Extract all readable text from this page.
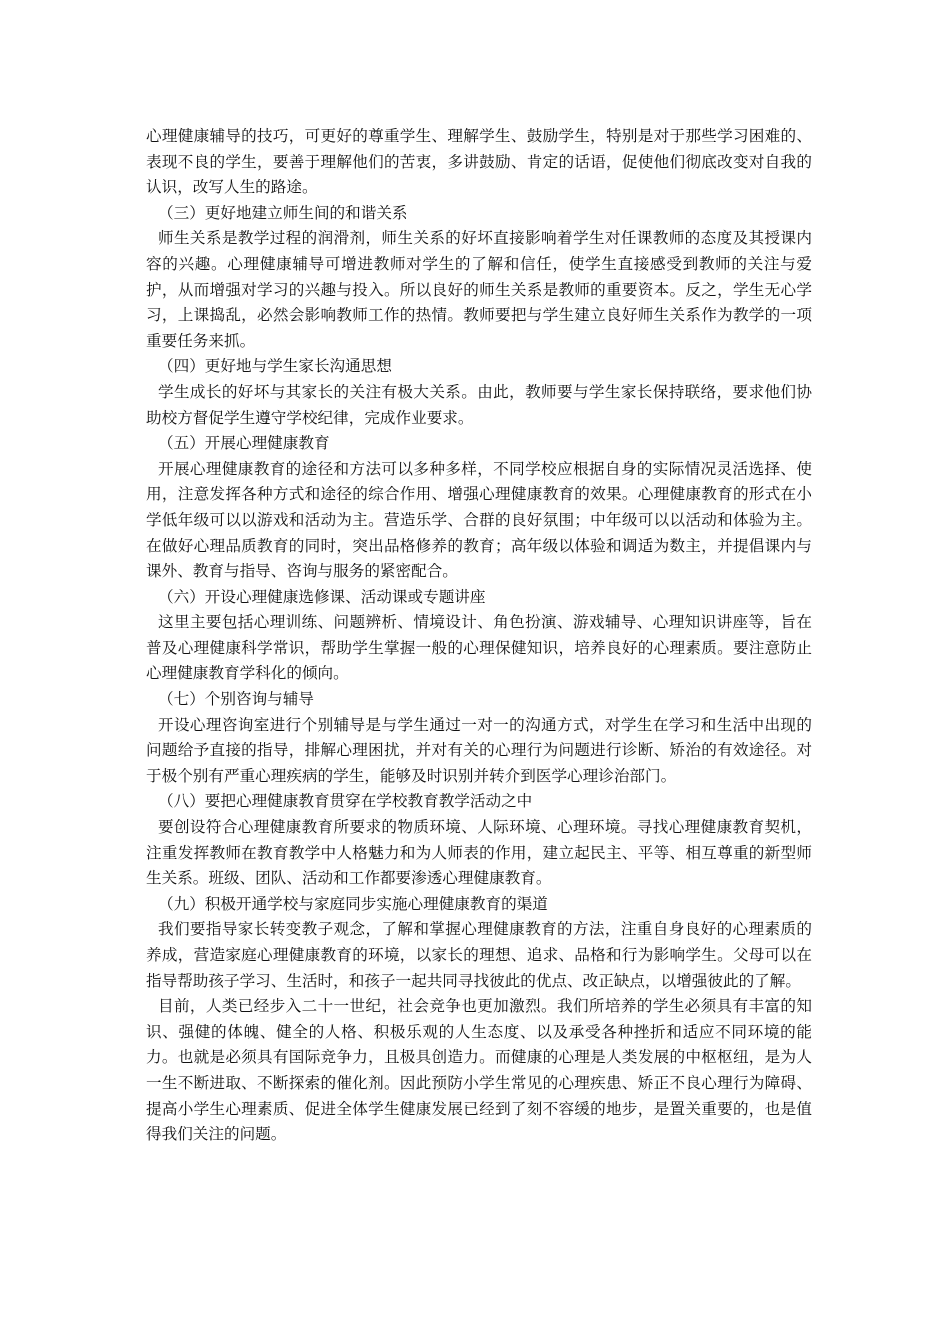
心理健康辅导的技巧，可更好的尊重学生、理解学生、鼓励学生，特别是对于那些学习困难的、表现不良的学生，要善于理解他们的苦衷，多讲鼓励、肯定的话语，促使他们彻底改变对自我的认识，改写人生的路途。

（三）更好地建立师生间的和谐关系

师生关系是教学过程的润滑剂，师生关系的好坏直接影响着学生对任课教师的态度及其授课内容的兴趣。心理健康辅导可增进教师对学生的了解和信任，使学生直接感受到教师的关注与爱护，从而增强对学习的兴趣与投入。所以良好的师生关系是教师的重要资本。反之，学生无心学习，上课捣乱，必然会影响教师工作的热情。教师要把与学生建立良好师生关系作为教学的一项重要任务来抓。

（四）更好地与学生家长沟通思想

学生成长的好坏与其家长的关注有极大关系。由此，教师要与学生家长保持联络，要求他们协助校方督促学生遵守学校纪律，完成作业要求。

（五）开展心理健康教育

开展心理健康教育的途径和方法可以多种多样，不同学校应根据自身的实际情况灵活选择、使用，注意发挥各种方式和途径的综合作用、增强心理健康教育的效果。心理健康教育的形式在小学低年级可以以游戏和活动为主。营造乐学、合群的良好氛围；中年级可以以活动和体验为主。在做好心理品质教育的同时，突出品格修养的教育；高年级以体验和调适为数主，并提倡课内与课外、教育与指导、咨询与服务的紧密配合。

（六）开设心理健康选修课、活动课或专题讲座

这里主要包括心理训练、问题辨析、情境设计、角色扮演、游戏辅导、心理知识讲座等，旨在普及心理健康科学常识，帮助学生掌握一般的心理保健知识，培养良好的心理素质。要注意防止心理健康教育学科化的倾向。

（七）个别咨询与辅导

开设心理咨询室进行个别辅导是与学生通过一对一的沟通方式，对学生在学习和生活中出现的问题给予直接的指导，排解心理困扰，并对有关的心理行为问题进行诊断、矫治的有效途径。对于极个别有严重心理疾病的学生，能够及时识别并转介到医学心理诊治部门。

（八）要把心理健康教育贯穿在学校教育教学活动之中

要创设符合心理健康教育所要求的物质环境、人际环境、心理环境。寻找心理健康教育契机，注重发挥教师在教育教学中人格魅力和为人师表的作用，建立起民主、平等、相互尊重的新型师生关系。班级、团队、活动和工作都要渗透心理健康教育。

（九）积极开通学校与家庭同步实施心理健康教育的渠道

我们要指导家长转变教子观念，了解和掌握心理健康教育的方法，注重自身良好的心理素质的养成，营造家庭心理健康教育的环境，以家长的理想、追求、品格和行为影响学生。父母可以在指导帮助孩子学习、生活时，和孩子一起共同寻找彼此的优点、改正缺点，以增强彼此的了解。

目前，人类已经步入二十一世纪，社会竞争也更加激烈。我们所培养的学生必须具有丰富的知识、强健的体魄、健全的人格、积极乐观的人生态度、以及承受各种挫折和适应不同环境的能力。也就是必须具有国际竞争力，且极具创造力。而健康的心理是人类发展的中枢枢纽，是为人一生不断进取、不断探索的催化剂。因此预防小学生常见的心理疾患、矫正不良心理行为障碍、提高小学生心理素质、促进全体学生健康发展已经到了刻不容缓的地步，是置关重要的，也是值得我们关注的问题。
